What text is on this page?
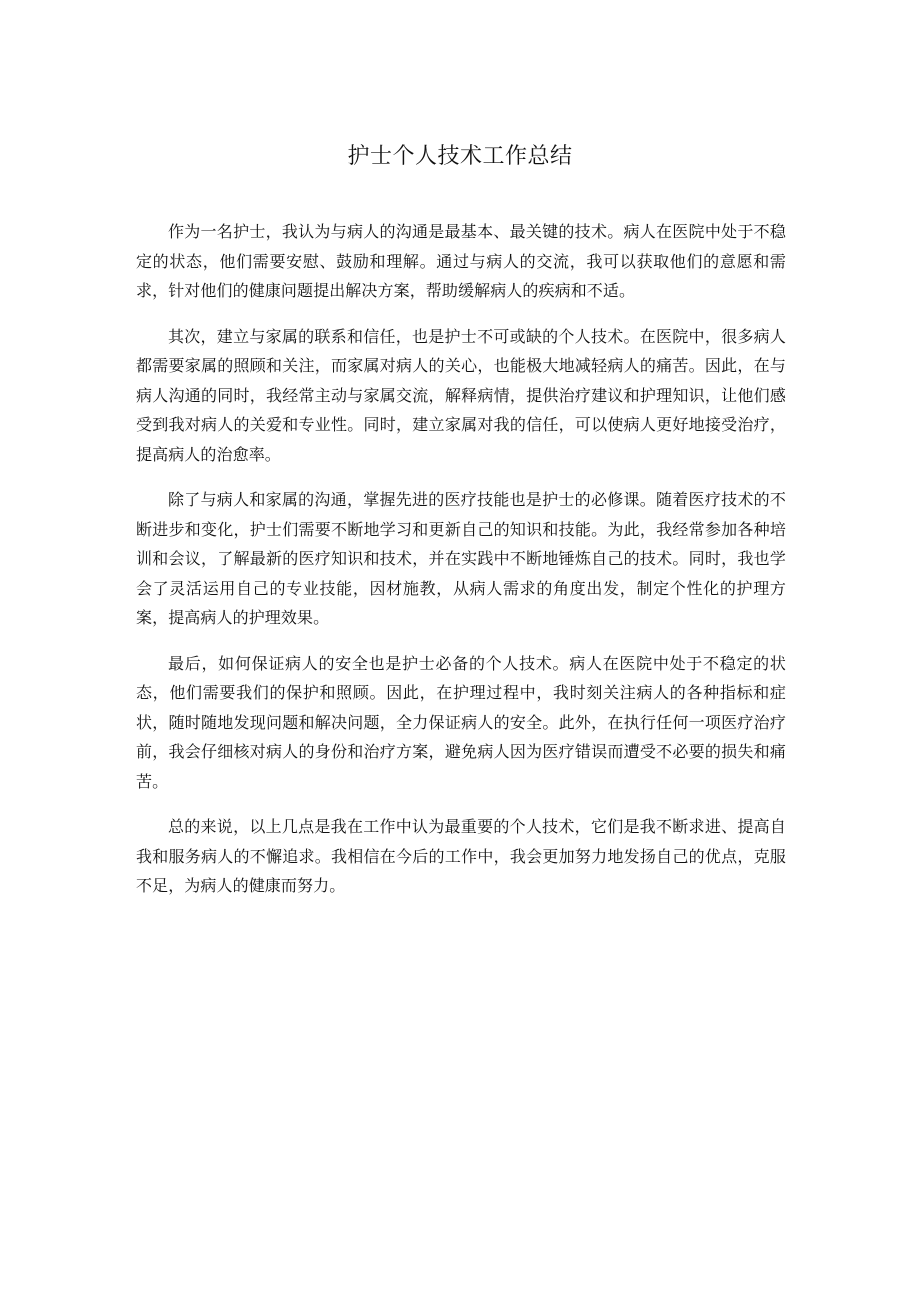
护士个人技术工作总结

作为一名护士，我认为与病人的沟通是最基本、最关键的技术。病人在医院中处于不稳定的状态，他们需要安慰、鼓励和理解。通过与病人的交流，我可以获取他们的意愿和需求，针对他们的健康问题提出解决方案，帮助缓解病人的疾病和不适。

其次，建立与家属的联系和信任，也是护士不可或缺的个人技术。在医院中，很多病人都需要家属的照顾和关注，而家属对病人的关心，也能极大地减轻病人的痛苦。因此，在与病人沟通的同时，我经常主动与家属交流，解释病情，提供治疗建议和护理知识，让他们感受到我对病人的关爱和专业性。同时，建立家属对我的信任，可以使病人更好地接受治疗，提高病人的治愈率。

除了与病人和家属的沟通，掌握先进的医疗技能也是护士的必修课。随着医疗技术的不断进步和变化，护士们需要不断地学习和更新自己的知识和技能。为此，我经常参加各种培训和会议，了解最新的医疗知识和技术，并在实践中不断地锤炼自己的技术。同时，我也学会了灵活运用自己的专业技能，因材施教，从病人需求的角度出发，制定个性化的护理方案，提高病人的护理效果。

最后，如何保证病人的安全也是护士必备的个人技术。病人在医院中处于不稳定的状态，他们需要我们的保护和照顾。因此，在护理过程中，我时刻关注病人的各种指标和症状，随时随地发现问题和解决问题，全力保证病人的安全。此外，在执行任何一项医疗治疗前，我会仔细核对病人的身份和治疗方案，避免病人因为医疗错误而遭受不必要的损失和痛苦。

总的来说，以上几点是我在工作中认为最重要的个人技术，它们是我不断求进、提高自我和服务病人的不懈追求。我相信在今后的工作中，我会更加努力地发扬自己的优点，克服不足，为病人的健康而努力。
